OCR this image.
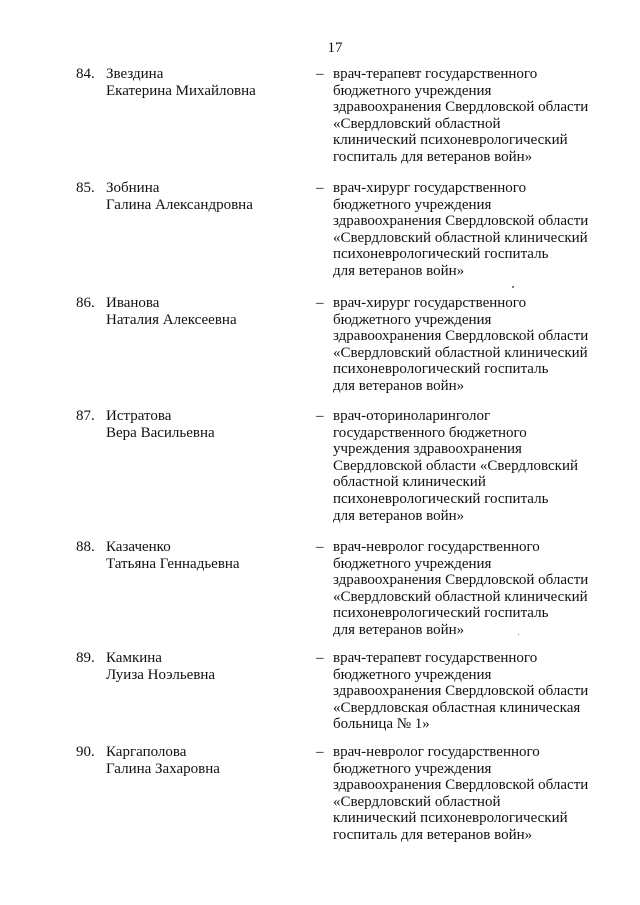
17
84. Звездина
Екатерина Михайловна
– врач-терапевт государственного
бюджетного учреждения
здравоохранения Свердловской области
«Свердловский областной
клинический психоневрологический
госпиталь для ветеранов войн»
85. Зобнина
Галина Александровна
– врач-хирург государственного
бюджетного учреждения
здравоохранения Свердловской области
«Свердловский областной клинический
психоневрологический госпиталь
для ветеранов войн»
86. Иванова
Наталия Алексеевна
– врач-хирург государственного
бюджетного учреждения
здравоохранения Свердловской области
«Свердловский областной клинический
психоневрологический госпиталь
для ветеранов войн»
87. Истратова
Вера Васильевна
– врач-оториноларинголог
государственного бюджетного
учреждения здравоохранения
Свердловской области «Свердловский
областной клинический
психоневрологический госпиталь
для ветеранов войн»
88. Казаченко
Татьяна Геннадьевна
– врач-невролог государственного
бюджетного учреждения
здравоохранения Свердловской области
«Свердловский областной клинический
психоневрологический госпиталь
для ветеранов войн»
89. Камкина
Луиза Ноэльевна
– врач-терапевт государственного
бюджетного учреждения
здравоохранения Свердловской области
«Свердловская областная клиническая
больница № 1»
90. Каргаполова
Галина Захаровна
– врач-невролог государственного
бюджетного учреждения
здравоохранения Свердловской области
«Свердловский областной
клинический психоневрологический
госпиталь для ветеранов войн»
